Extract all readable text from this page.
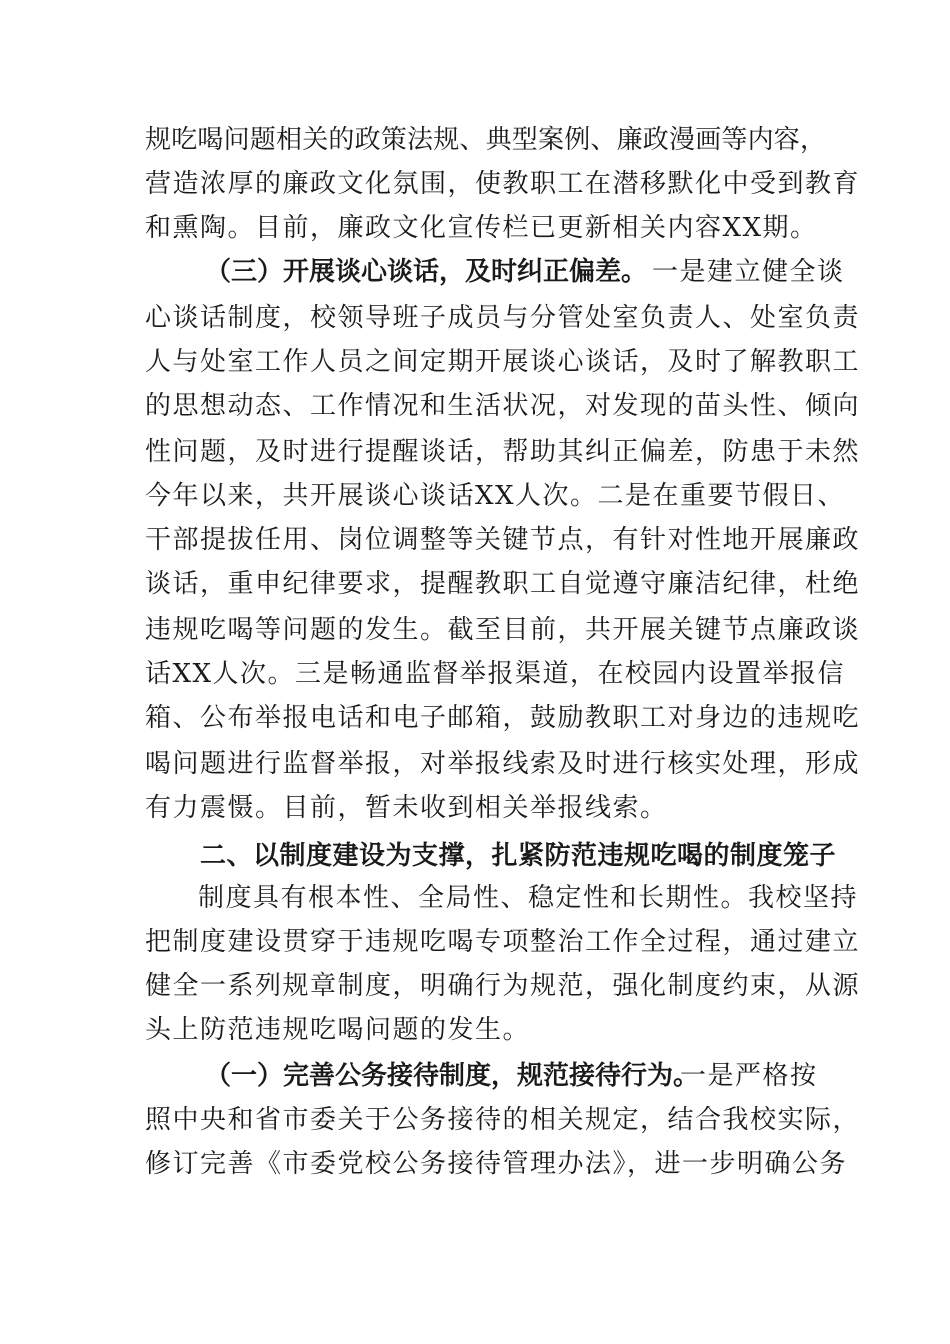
规吃喝问题相关的政策法规、典型案例、廉政漫画等内容，
营造浓厚的廉政文化氛围，使教职工在潜移默化中受到教育
和熏陶。目前，廉政文化宣传栏已更新相关内容XX期。
（三）开展谈心谈话，及时纠正偏差。 一是建立健全谈
心谈话制度，校领导班子成员与分管处室负责人、处室负责
人与处室工作人员之间定期开展谈心谈话，及时了解教职工
的思想动态、工作情况和生活状况，对发现的苗头性、倾向
性问题，及时进行提醒谈话，帮助其纠正偏差，防患于未然
今年以来，共开展谈心谈话XX人次。二是在重要节假日、
干部提拔任用、岗位调整等关键节点，有针对性地开展廉政
谈话，重申纪律要求，提醒教职工自觉遵守廉洁纪律，杜绝
违规吃喝等问题的发生。截至目前，共开展关键节点廉政谈
话XX人次。三是畅通监督举报渠道，在校园内设置举报信
箱、公布举报电话和电子邮箱，鼓励教职工对身边的违规吃
喝问题进行监督举报，对举报线索及时进行核实处理，形成
有力震慑。目前，暂未收到相关举报线索。
二、以制度建设为支撑，扎紧防范违规吃喝的制度笼子
制度具有根本性、全局性、稳定性和长期性。我校坚持
把制度建设贯穿于违规吃喝专项整治工作全过程，通过建立
健全一系列规章制度，明确行为规范，强化制度约束，从源
头上防范违规吃喝问题的发生。
（一）完善公务接待制度，规范接待行为。
一是严格按
照中央和省市委关于公务接待的相关规定，结合我校实际，
修订完善《市委党校公务接待管理办法》，进一步明确公务
